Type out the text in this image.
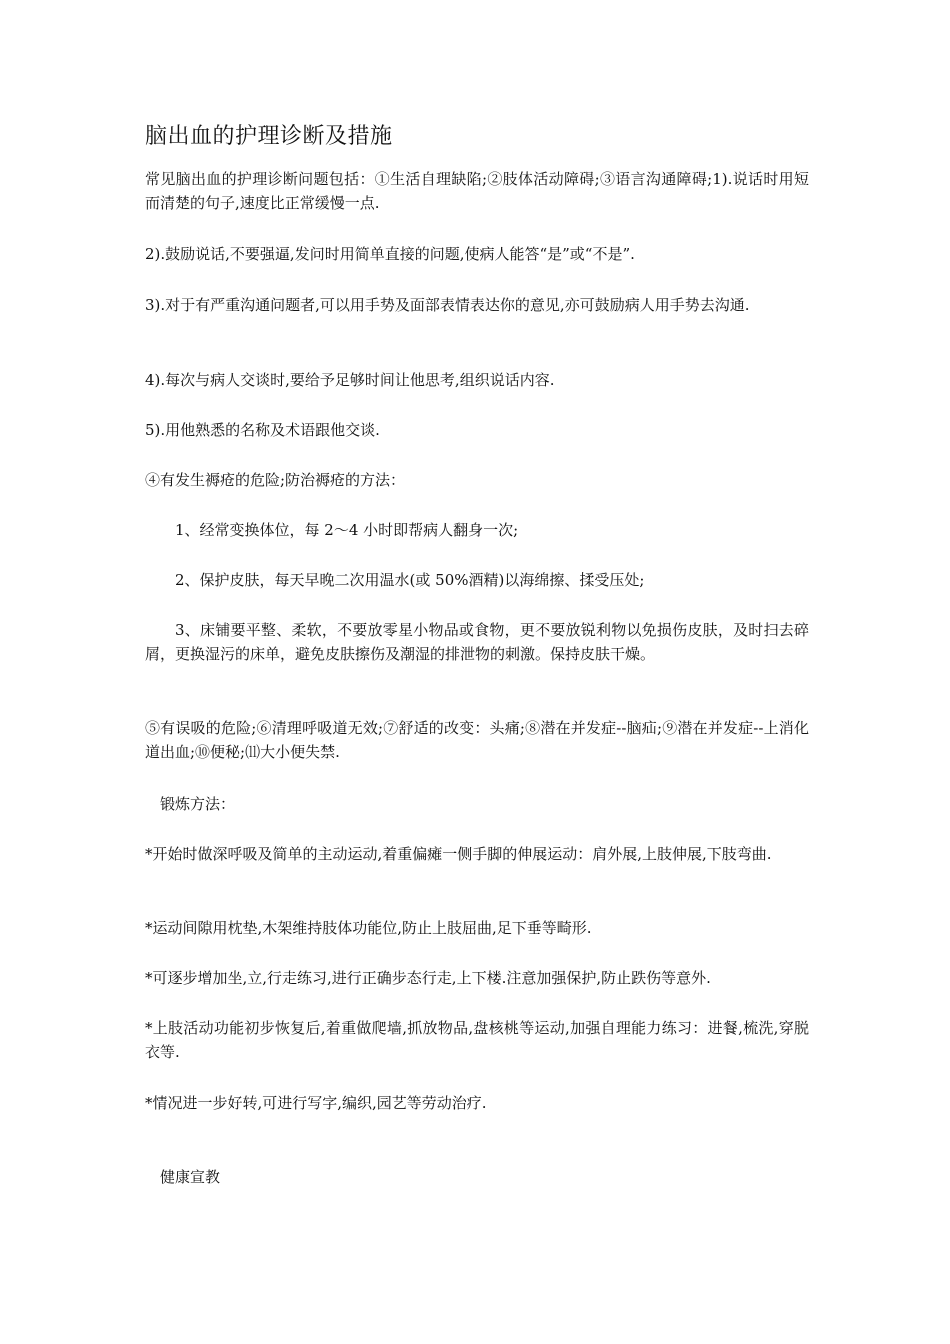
脑出血的护理诊断及措施

常见脑出血的护理诊断问题包括：①生活自理缺陷;②肢体活动障碍;③语言沟通障碍;1).说话时用短而清楚的句子,速度比正常缓慢一点.

2).鼓励说话,不要强逼,发问时用简单直接的问题,使病人能答“是”或“不是”.

3).对于有严重沟通问题者,可以用手势及面部表情表达你的意见,亦可鼓励病人用手势去沟通.

4).每次与病人交谈时,要给予足够时间让他思考,组织说话内容.

5).用他熟悉的名称及术语跟他交谈.

④有发生褥疮的危险;防治褥疮的方法：

1、经常变换体位，每 2～4 小时即帮病人翻身一次;

2、保护皮肤，每天早晚二次用温水(或 50%酒精)以海绵擦、揉受压处;

3、床铺要平整、柔软，不要放零星小物品或食物，更不要放锐利物以免损伤皮肤，及时扫去碎屑，更换湿污的床单，避免皮肤擦伤及潮湿的排泄物的刺激。保持皮肤干燥。

⑤有误吸的危险;⑥清理呼吸道无效;⑦舒适的改变：头痛;⑧潜在并发症--脑疝;⑨潜在并发症--上消化道出血;⑩便秘;⑾大小便失禁.

锻炼方法：

*开始时做深呼吸及简单的主动运动,着重偏瘫一侧手脚的伸展运动：肩外展,上肢伸展,下肢弯曲.

*运动间隙用枕垫,木架维持肢体功能位,防止上肢屈曲,足下垂等畸形.

*可逐步增加坐,立,行走练习,进行正确步态行走,上下楼.注意加强保护,防止跌伤等意外.

*上肢活动功能初步恢复后,着重做爬墙,抓放物品,盘核桃等运动,加强自理能力练习：进餐,梳洗,穿脱衣等.

*情况进一步好转,可进行写字,编织,园艺等劳动治疗.

健康宣教
